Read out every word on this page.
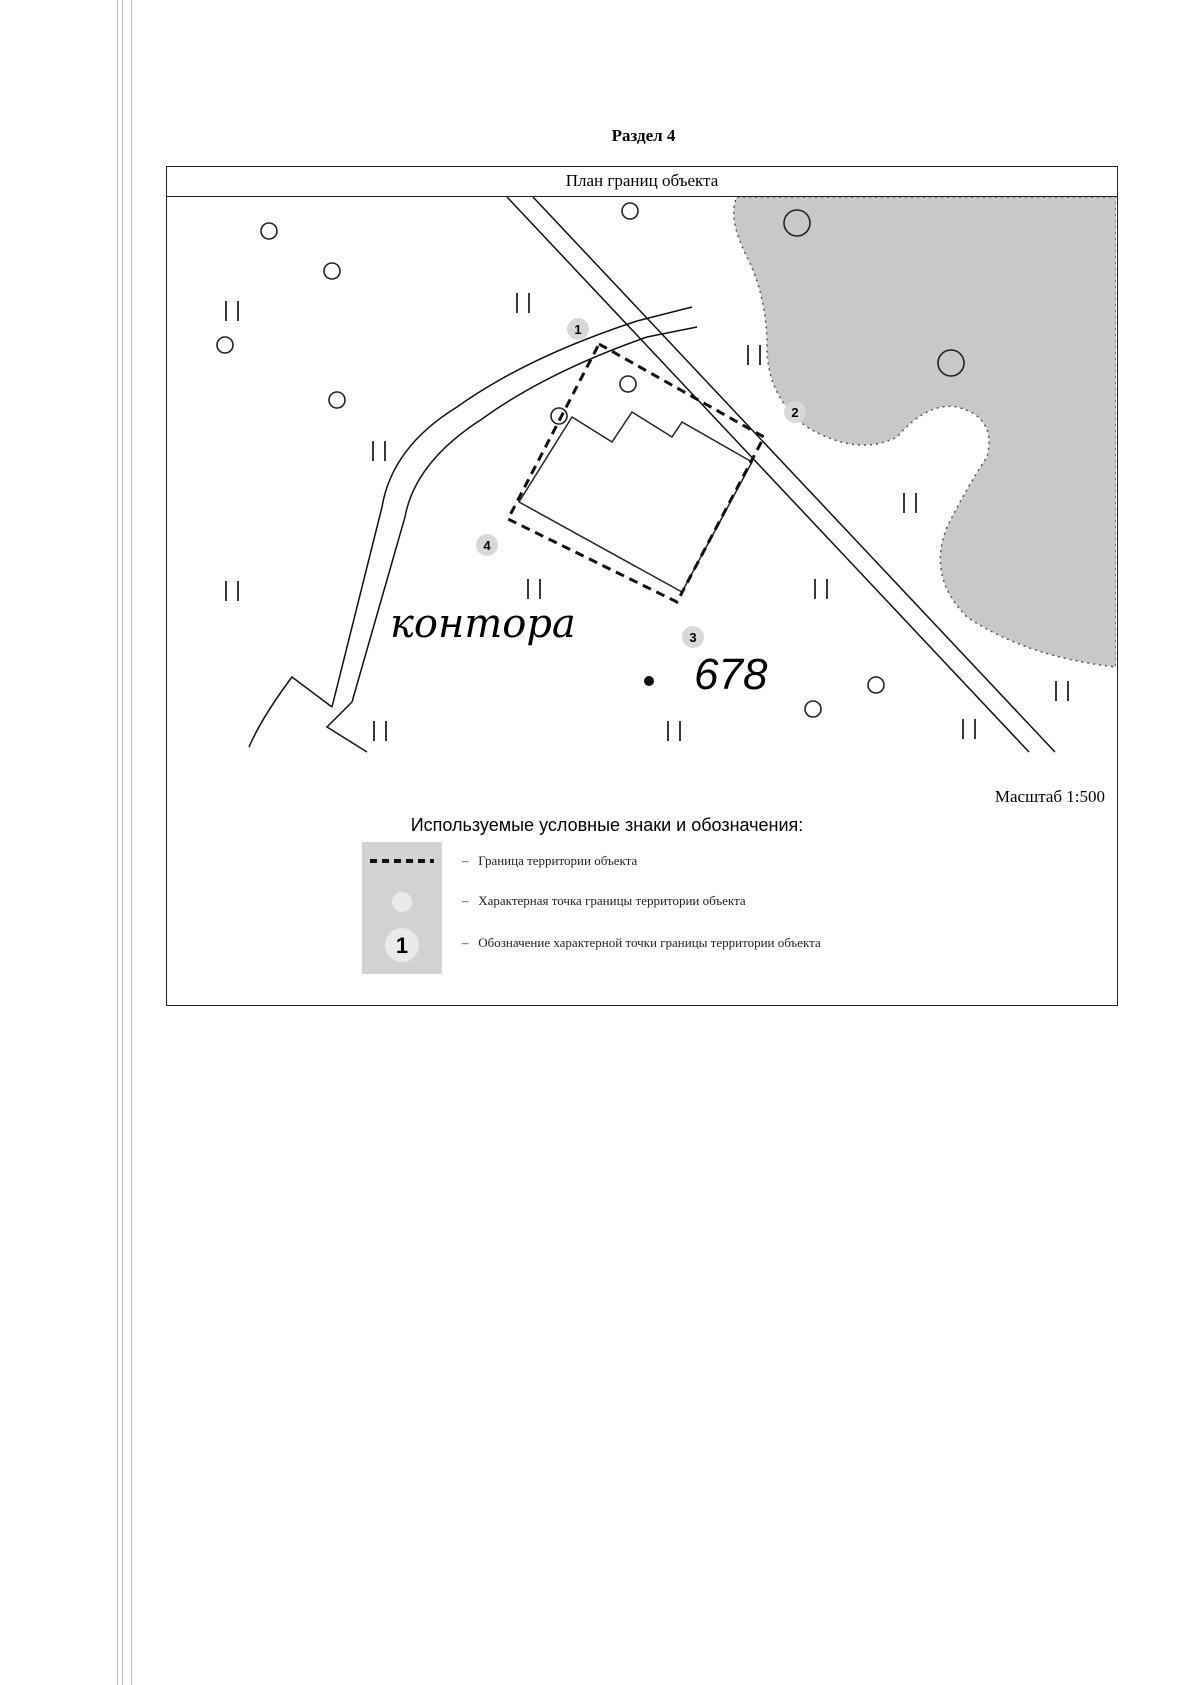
Раздел 4
План границ объекта
1
2
3
4
контора
678
Масштаб 1:500
Используемые условные знаки и обозначения:
1
– Граница территории объекта
– Характерная точка границы территории объекта
– Обозначение характерной точки границы территории объекта
